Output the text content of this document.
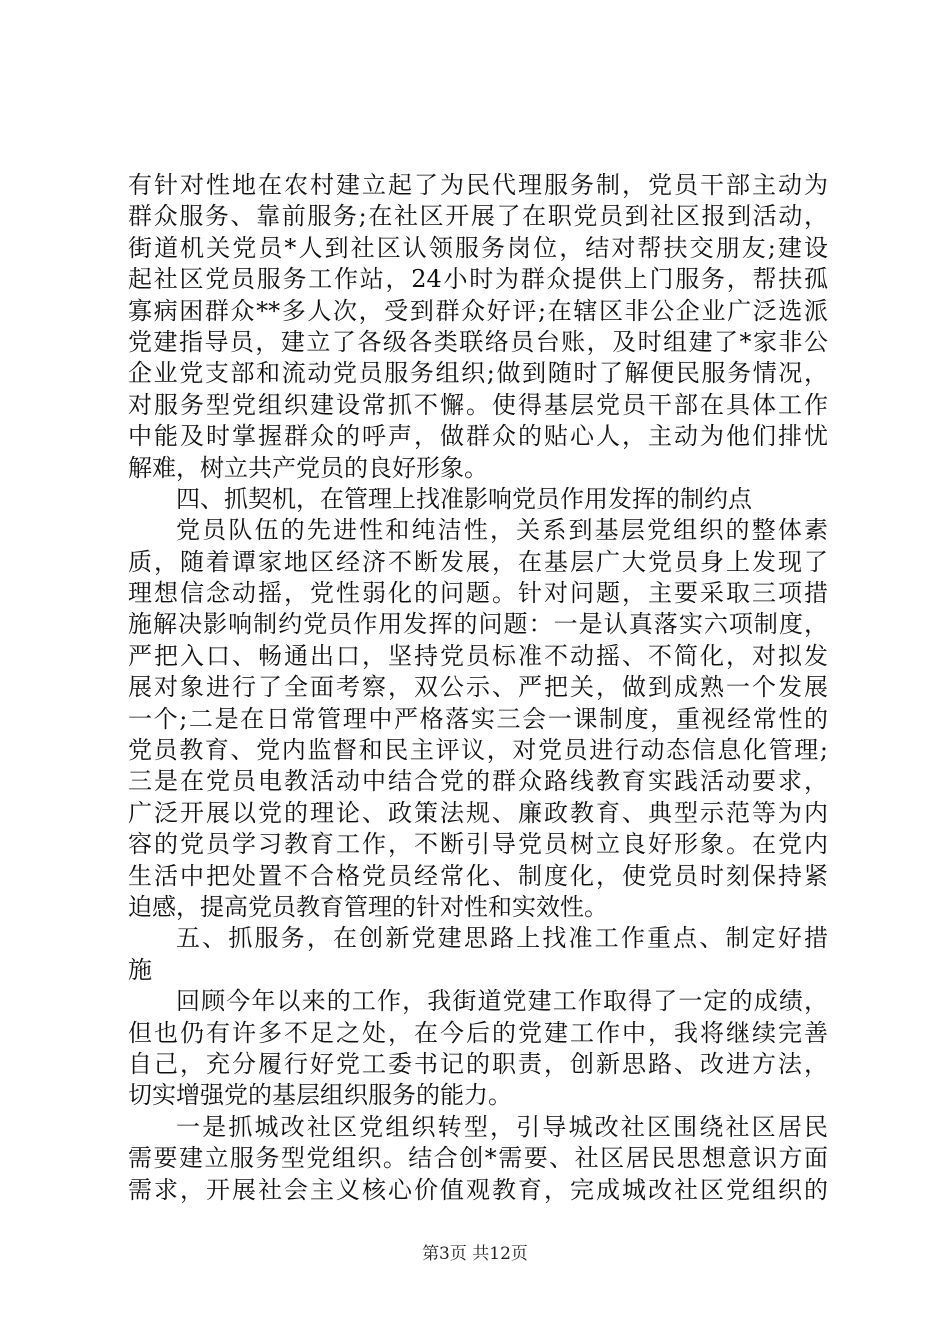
有针对性地在农村建立起了为民代理服务制，党员干部主动为
群众服务、靠前服务;在社区开展了在职党员到社区报到活动，
街道机关党员*人到社区认领服务岗位，结对帮扶交朋友;建设
起社区党员服务工作站，24小时为群众提供上门服务，帮扶孤
寡病困群众**多人次，受到群众好评;在辖区非公企业广泛选派
党建指导员，建立了各级各类联络员台账，及时组建了*家非公
企业党支部和流动党员服务组织;做到随时了解便民服务情况，
对服务型党组织建设常抓不懈。使得基层党员干部在具体工作
中能及时掌握群众的呼声，做群众的贴心人，主动为他们排忧
解难，树立共产党员的良好形象。
四、抓契机，在管理上找准影响党员作用发挥的制约点
党员队伍的先进性和纯洁性，关系到基层党组织的整体素
质，随着谭家地区经济不断发展，在基层广大党员身上发现了
理想信念动摇，党性弱化的问题。针对问题，主要采取三项措
施解决影响制约党员作用发挥的问题：一是认真落实六项制度，
严把入口、畅通出口，坚持党员标准不动摇、不简化，对拟发
展对象进行了全面考察，双公示、严把关，做到成熟一个发展
一个;二是在日常管理中严格落实三会一课制度，重视经常性的
党员教育、党内监督和民主评议，对党员进行动态信息化管理;
三是在党员电教活动中结合党的群众路线教育实践活动要求，
广泛开展以党的理论、政策法规、廉政教育、典型示范等为内
容的党员学习教育工作，不断引导党员树立良好形象。在党内
生活中把处置不合格党员经常化、制度化，使党员时刻保持紧
迫感，提高党员教育管理的针对性和实效性。
五、抓服务，在创新党建思路上找准工作重点、制定好措
施
回顾今年以来的工作，我街道党建工作取得了一定的成绩，
但也仍有许多不足之处，在今后的党建工作中，我将继续完善
自己，充分履行好党工委书记的职责，创新思路、改进方法，
切实增强党的基层组织服务的能力。
一是抓城改社区党组织转型，引导城改社区围绕社区居民
需要建立服务型党组织。结合创*需要、社区居民思想意识方面
需求，开展社会主义核心价值观教育，完成城改社区党组织的
第3页 共12页
